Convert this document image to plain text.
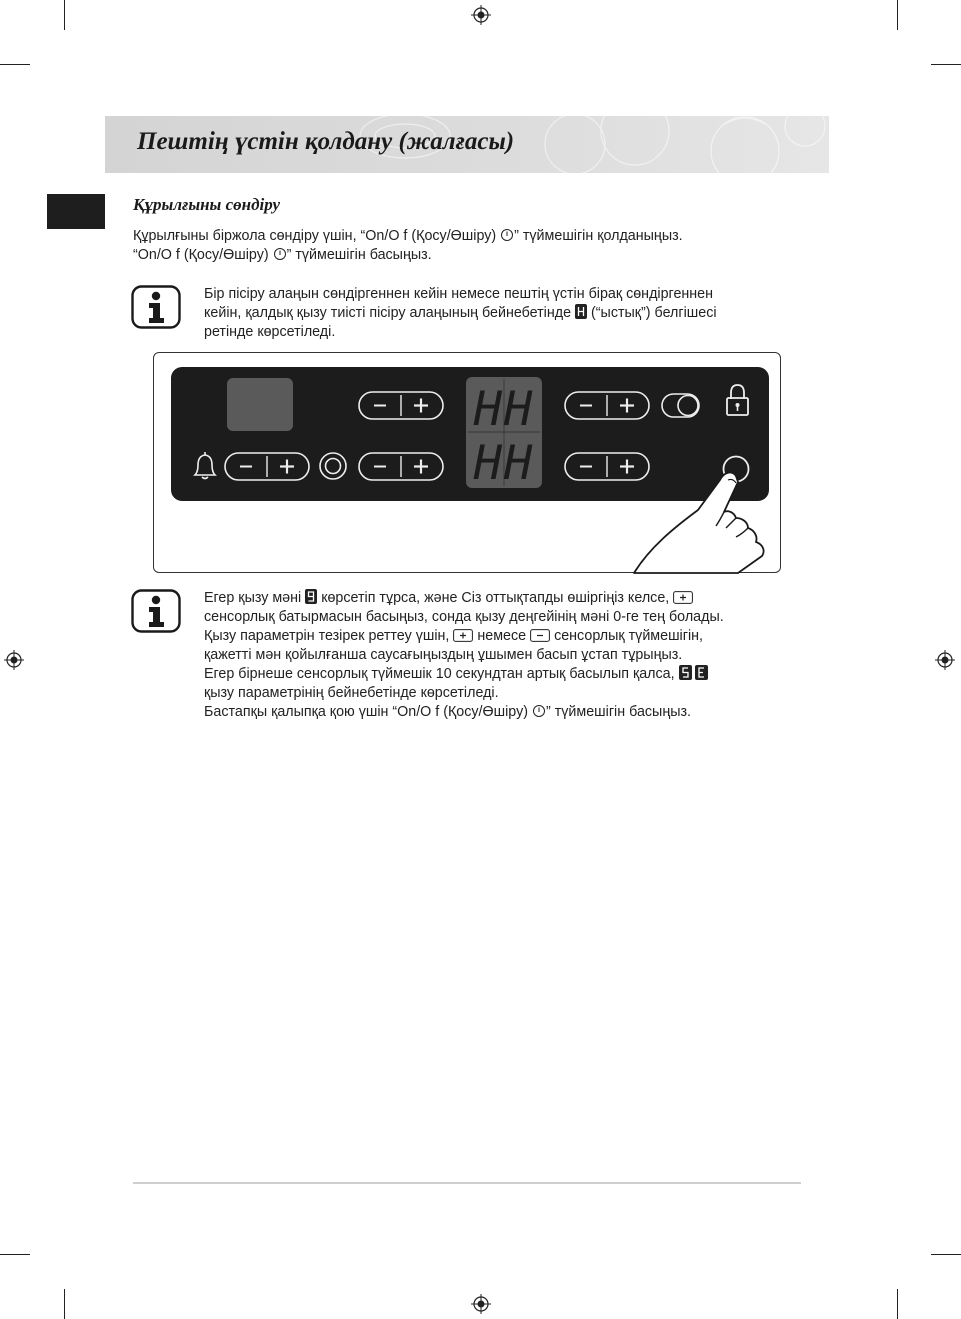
Пештің үстін қолдану (жалғасы)
Құрылғыны сөндіру
Құрылғыны біржола сөндіру үшін, “On/O f (Қосу/Өшіру) ” түймешігін қолданыңыз.
“On/O f (Қосу/Өшіру) ” түймешігін басыңыз.
Бір пісіру алаңын сөндіргеннен кейін немесе пештің үстін бірақ сөндіргеннен
кейін, қалдық қызу тиісті пісіру алаңының бейнебетінде (“ыстық”) белгішесі
ретінде көрсетіледі.
HH
HH
Егер қызу мәні көрсетіп тұрса, және Сіз оттықтапды өшіргіңіз келсе,
сенсорлық батырмасын басыңыз, сонда қызу деңгейінің мәні 0-ге тең болады.
Қызу параметрін тезірек реттеу үшін, немесе сенсорлық түймешігін,
қажетті мән қойылғанша саусағыңыздың ұшымен басып ұстап тұрыңыз.
Егер бірнеше сенсорлық түймешік 10 секундтан артық басылып қалса,
қызу параметрінің бейнебетінде көрсетіледі.
Бастапқы қалыпқа қою үшін “On/O f (Қосу/Өшіру) ” түймешігін басыңыз.
